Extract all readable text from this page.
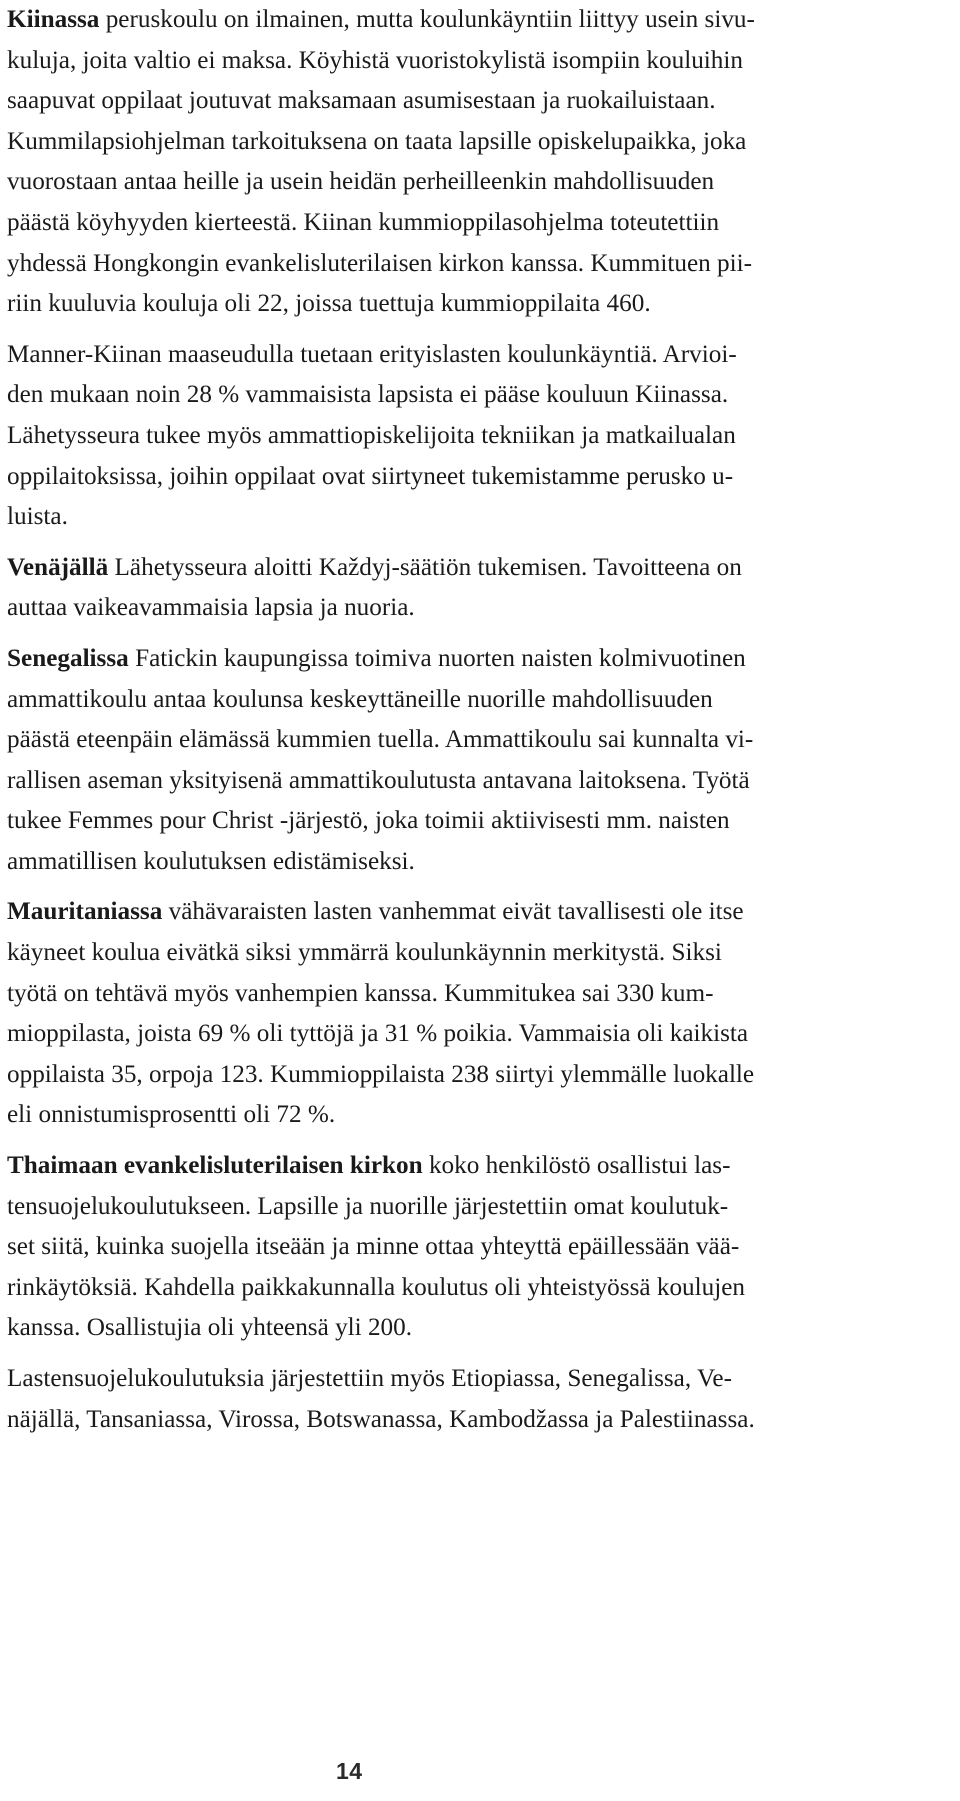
Kiinassa peruskoulu on ilmainen, mutta koulunkäyntiin liittyy usein sivu-
kuluja, joita valtio ei maksa. Köyhistä vuoristokylistä isompiin kouluihin
saapuvat oppilaat joutuvat maksamaan asumisestaan ja ruokailuistaan.
Kummilapsiohjelman tarkoituksena on taata lapsille opiskelupaikka, joka
vuorostaan antaa heille ja usein heidän perheilleenkin mahdollisuuden
päästä köyhyyden kierteestä. Kiinan kummioppilasohjelma toteutettiin
yhdessä Hongkongin evankelisluterilaisen kirkon kanssa. Kummituen pii-
riin kuuluvia kouluja oli 22, joissa tuettuja kummioppilaita 460.

Manner-Kiinan maaseudulla tuetaan erityislasten koulunkäyntiä. Arvioi-
den mukaan noin 28 % vammaisista lapsista ei pääse kouluun Kiinassa.
Lähetysseura tukee myös ammattiopiskelijoita tekniikan ja matkailualan
oppilaitoksissa, joihin oppilaat ovat siirtyneet tukemistamme perusko u-
luista.

Venäjällä Lähetysseura aloitti Každyj-säätiön tukemisen. Tavoitteena on
auttaa vaikeavammaisia lapsia ja nuoria.

Senegalissa Fatickin kaupungissa toimiva nuorten naisten kolmivuotinen
ammattikoulu antaa koulunsa keskeyttäneille nuorille mahdollisuuden
päästä eteenpäin elämässä kummien tuella. Ammattikoulu sai kunnalta vi-
rallisen aseman yksityisenä ammattikoulutusta antavana laitoksena. Työtä
tukee Femmes pour Christ -järjestö, joka toimii aktiivisesti mm. naisten
ammatillisen koulutuksen edistämiseksi.

Mauritaniassa vähävaraisten lasten vanhemmat eivät tavallisesti ole itse
käyneet koulua eivätkä siksi ymmärrä koulunkäynnin merkitystä. Siksi
työtä on tehtävä myös vanhempien kanssa. Kummitukea sai 330 kum-
mioppilasta, joista 69 % oli tyttöjä ja 31 % poikia. Vammaisia oli kaikista
oppilaista 35, orpoja 123. Kummioppilaista 238 siirtyi ylemmälle luokalle
eli onnistumisprosentti oli 72 %.

Thaimaan evankelisluterilaisen kirkon koko henkilöstö osallistui las-
tensuojelukoulutukseen. Lapsille ja nuorille järjestettiin omat koulutuk-
set siitä, kuinka suojella itseään ja minne ottaa yhteyttä epäillessään vää-
rinkäytöksiä. Kahdella paikkakunnalla koulutus oli yhteistyössä koulujen
kanssa. Osallistujia oli yhteensä yli 200.

Lastensuojelukoulutuksia järjestettiin myös Etiopiassa, Senegalissa, Ve-
näjällä, Tansaniassa, Virossa, Botswanassa, Kambodžassa ja Palestiinassa.

14
